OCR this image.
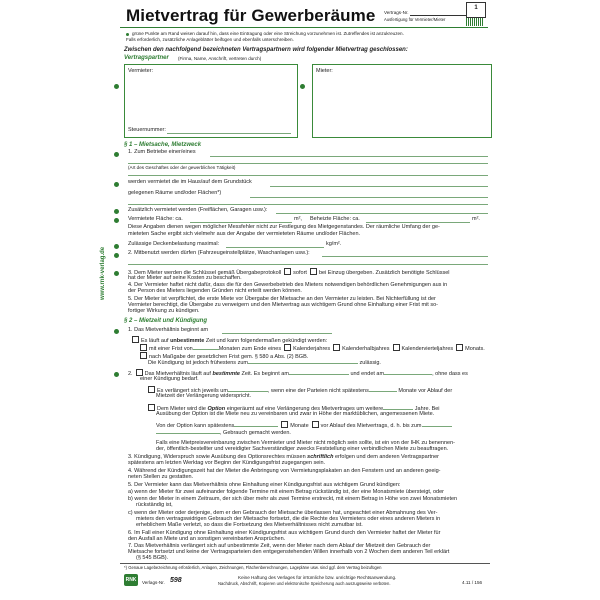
Mietvertrag für Gewerberäume Vertrags-Nr.
Ausfertigung für Vermieter/Mieter
1
grüne Punkte am Rand weisen darauf hin, dass eine Eintragung oder eine Streichung vorzunehmen ist. Zutreffendes ist anzukreuzen.
Falls erforderlich, zusätzliche Anlageblätter beifügen und ebenfalls unterschreiben.
Zwischen den nachfolgend bezeichneten Vertragspartnern wird folgender Mietvertrag geschlossen:
Vertragspartner (Firma, Name, Anschrift, vertreten durch)
Vermieter:
Steuernummer:
Mieter:
§ 1 – Mietsache, Mietzweck
1. Zum Betriebe einer/eines
(Art des Geschäftes oder der gewerblichen Tätigkeit)
werden vermietet die im Haus/auf dem Grundstück
gelegenen Räume und/oder Flächen*)
Zusätzlich vermietet werden (Freiflächen, Garagen usw.):
Vermietete Fläche: ca.	m², Beheizte Fläche: ca.	m².
Diese Angaben dienen wegen möglicher Messfehler nicht zur Festlegung des Mietgegenstandes. Der räumliche Umfang der ge-
mieteten Sache ergibt sich vielmehr aus der Angabe der vermieteten Räume und/oder Flächen.
Zulässige Deckenbelastung maximal:	kg/m².
2. Mitbenutzt werden dürfen (Fahrzeugeinstellplätze, Waschanlagen usw.):
3. Dem Mieter werden die Schlüssel gemäß Übergabeprotokoll sofort bei Einzug übergeben. Zusätzlich benötigte Schlüssel
hat der Mieter auf seine Kosten zu beschaffen.
4. Der Vermieter haftet nicht dafür, dass die für den Gewerbebetrieb des Mieters notwendigen behördlichen Genehmigungen aus in
der Person des Mieters liegenden Gründen nicht erteilt werden können.
5. Der Mieter ist verpflichtet, die erste Miete vor Übergabe der Mietsache an den Vermieter zu leisten. Bei Nichterfüllung ist der
Vermieter berechtigt, die Übergabe zu verweigern und den Mietvertrag aus wichtigem Grund ohne Einhaltung einer Frist mit so-
fortiger Wirkung zu kündigen.
§ 2 – Mietzeit und Kündigung
1. Das Mietverhältnis beginnt am
Es läuft auf unbestimmte Zeit und kann folgendermaßen gekündigt werden:
mit einer Frist von	Monaten zum Ende eines Kalenderjahres Kalenderhalbjahres Kalendervierteljahres Monats.
nach Maßgabe der gesetzlichen Frist gem. § 580 a Abs. (2) BGB.
Die Kündigung ist jedoch frühestens zum	zulässig.
2. Das Mietverhältnis läuft auf bestimmte Zeit. Es beginnt am	und endet am	, ohne dass es
einer Kündigung bedarf.
Es verlängert sich jeweils um	, wenn eine der Parteien nicht spätestens	Monate vor Ablauf der
Mietzeit der Verlängerung widerspricht.
Dem Mieter wird die Option eingeräumt auf eine Verlängerung des Mietvertrages um weitere	Jahre. Bei
Ausübung der Option ist die Miete neu zu vereinbaren und zwar in Höhe der marktüblichen, angemessenen Miete.
Von der Option kann spätestens	Monate vor Ablauf des Mietvertrags, d. h. bis zum
, Gebrauch gemacht werden.
Falls eine Mietpreisvereinbarung zwischen Vermieter und Mieter nicht möglich sein sollte, ist ein von der IHK zu benennen-
der, öffentlich-bestellter und vereidigter Sachverständiger zwecks Feststellung einer verbindlichen Miete zu beauftragen.
3. Kündigung, Widerspruch sowie Ausübung des Optionsrechtes müssen schriftlich erfolgen und dem anderen Vertragspartner
spätestens am letzten Werktag vor Beginn der Kündigungsfrist zugegangen sein.
4. Während der Kündigungszeit hat der Mieter die Anbringung von Vermietungsplakaten an den Fenstern und an anderen geeig-
neten Stellen zu gestatten.
5. Der Vermieter kann das Mietverhältnis ohne Einhaltung einer Kündigungsfrist aus wichtigem Grund kündigen:
a) wenn der Mieter für zwei aufeinander folgende Termine mit einem Betrag rückständig ist, der eine Monatsmiete übersteigt, oder
b) wenn der Mieter in einem Zeitraum, der sich über mehr als zwei Termine erstreckt, mit einem Betrag in Höhe von zwei Monatsmieten
rückständig ist,
c) wenn der Mieter oder derjenige, dem er den Gebrauch der Mietsache überlassen hat, ungeachtet einer Abmahnung des Ver-
mieters den vertragswidrigen Gebrauch der Mietsache fortsetzt, die die Rechte des Vermieters oder eines anderen Mieters in
erheblichem Maße verletzt, so dass die Fortsetzung des Mietverhältnisses nicht zumutbar ist.
6. Im Fall einer Kündigung ohne Einhaltung einer Kündigungsfrist aus wichtigem Grund durch den Vermieter haftet der Mieter für
den Ausfall an Miete und an sonstigen vereinbarten Ansprüchen.
7. Das Mietverhältnis verlängert sich auf unbestimmte Zeit, wenn der Mieter nach dem Ablauf der Mietzeit den Gebrauch der
Mietsache fortsetzt und keine der Vertragsparteien den entgegenstehenden Willen innerhalb von 2 Wochen dem anderen Teil erklärt
(§ 545 BGB).
*) Genaue Lagebezeichnung erforderlich, Anlagen, Zeichnungen, Flächenberechnungen, Lagepläne usw. sind ggf. dem Vertrag beizufügen
RNK	Verlags-Nr. 598	Keine Haftung des Verlages für irrtümliche bzw. unrichtige Rechtsanwendung.
Nachdruck, Abschrift, Kopieren und elektronische Speicherung auch auszugsweise verboten.	4.11 / 156
www.rnk-verlag.de
